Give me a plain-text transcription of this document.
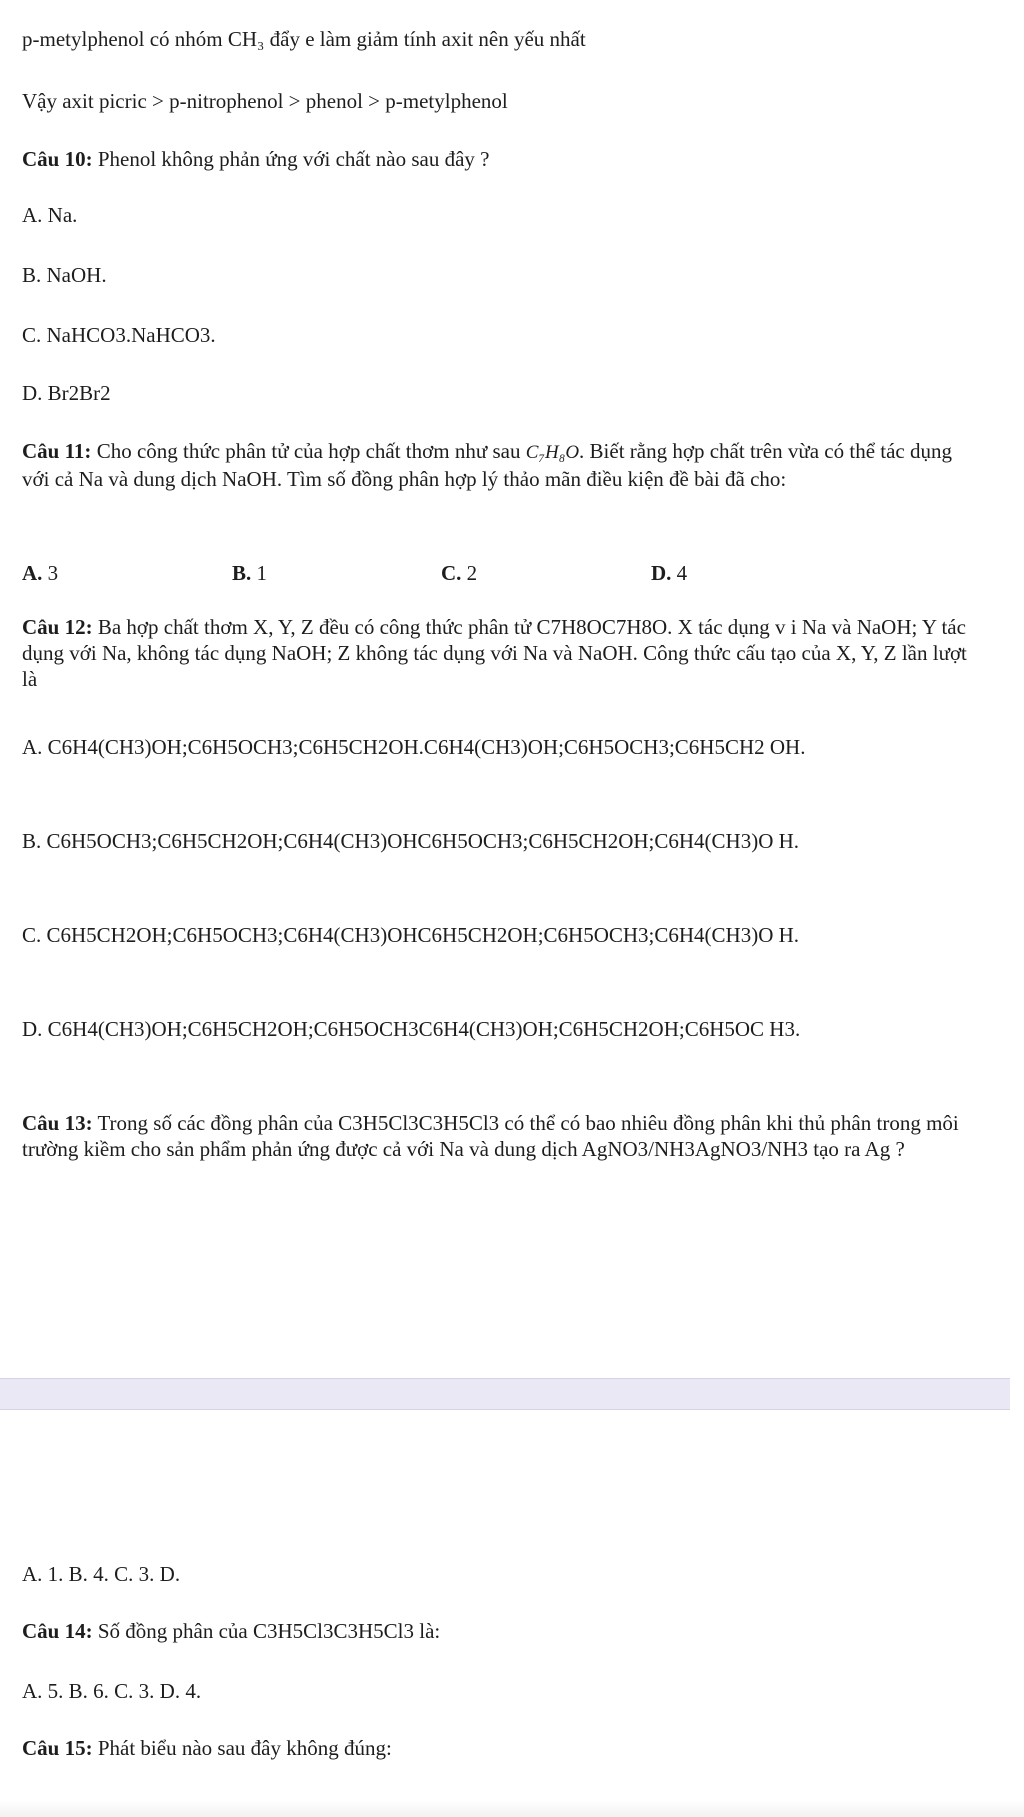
p-metylphenol có nhóm CH₃ đẩy e làm giảm tính axit nên yếu nhất
Vậy axit picric > p-nitrophenol > phenol > p-metylphenol
Câu 10: Phenol không phản ứng với chất nào sau đây ?
A. Na.
B. NaOH.
C. NaHCO3.NaHCO3.
D. Br2Br2
Câu 11: Cho công thức phân tử của hợp chất thơm như sau C₇H₈O. Biết rằng hợp chất trên vừa có thể tác dụng với cả Na và dung dịch NaOH. Tìm số đồng phân hợp lý thảo mãn điều kiện đề bài đã cho:
A. 3	B. 1	C. 2	D. 4
Câu 12: Ba hợp chất thơm X, Y, Z đều có công thức phân tử C7H8OC7H8O. X tác dụng v i Na và NaOH; Y tác dụng với Na, không tác dụng NaOH; Z không tác dụng với Na và NaOH. Công thức cấu tạo của X, Y, Z lần lượt là
A. C6H4(CH3)OH;C6H5OCH3;C6H5CH2OH.C6H4(CH3)OH;C6H5OCH3;C6H5CH2 OH.
B. C6H5OCH3;C6H5CH2OH;C6H4(CH3)OHC6H5OCH3;C6H5CH2OH;C6H4(CH3)O H.
C. C6H5CH2OH;C6H5OCH3;C6H4(CH3)OHC6H5CH2OH;C6H5OCH3;C6H4(CH3)O H.
D. C6H4(CH3)OH;C6H5CH2OH;C6H5OCH3C6H4(CH3)OH;C6H5CH2OH;C6H5OC H3.
Câu 13: Trong số các đồng phân của C3H5Cl3C3H5Cl3 có thể có bao nhiêu đồng phân khi thủ phân trong môi trường kiềm cho sản phẩm phản ứng được cả với Na và dung dịch AgNO3/NH3AgNO3/NH3 tạo ra Ag ?
A. 1. B. 4. C. 3. D.
Câu 14: Số đồng phân của C3H5Cl3C3H5Cl3 là:
A. 5. B. 6. C. 3. D. 4.
Câu 15: Phát biểu nào sau đây không đúng:
